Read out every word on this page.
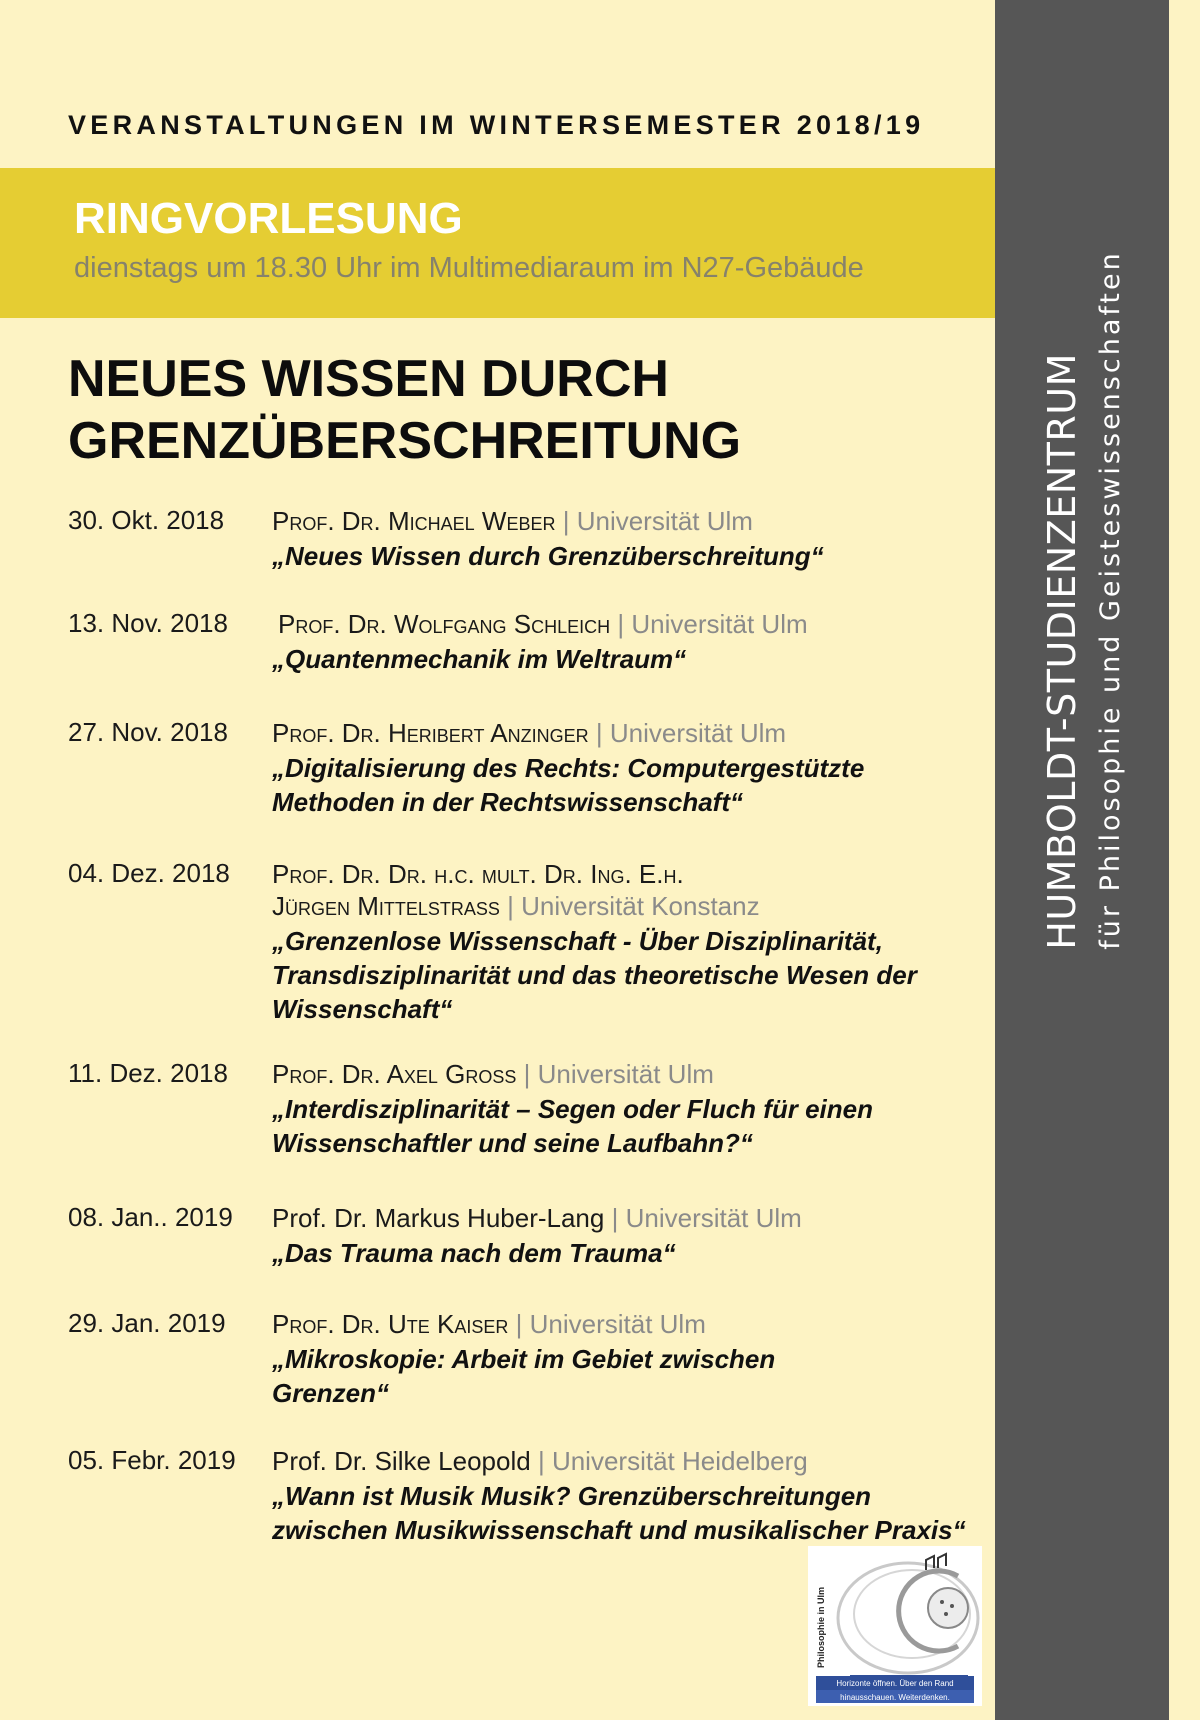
HUMBOLDT-STUDIENZENTRUM für Philosophie und Geisteswissenschaften
VERANSTALTUNGEN IM WINTERSEMESTER 2018/19
RINGVORLESUNG
dienstags um 18.30 Uhr im Multimediaraum im N27-Gebäude
NEUES WISSEN DURCH
GRENZÜBERSCHREITUNG
30. Okt. 2018 Prof. Dr. Michael Weber | Universität Ulm
„Neues Wissen durch Grenzüberschreitung“
13. Nov. 2018 Prof. Dr. Wolfgang Schleich | Universität Ulm
„Quantenmechanik im Weltraum“
27. Nov. 2018 Prof. Dr. Heribert Anzinger | Universität Ulm
„Digitalisierung des Rechts: Computergestützte Methoden in der Rechtswissenschaft“
04. Dez. 2018 Prof. Dr. Dr. h.c. mult. Dr. Ing. E.h.
Jürgen Mittelstraß | Universität Konstanz
„Grenzenlose Wissenschaft - Über Disziplinarität, Transdisziplinarität und das theoretische Wesen der Wissenschaft“
11. Dez. 2018 Prof. Dr. Axel Groß | Universität Ulm
„Interdisziplinarität – Segen oder Fluch für einen Wissenschaftler und seine Laufbahn?“
08. Jan.. 2019 Prof. Dr. Markus Huber-Lang | Universität Ulm
„Das Trauma nach dem Trauma“
29. Jan. 2019 Prof. Dr. Ute Kaiser | Universität Ulm
„Mikroskopie: Arbeit im Gebiet zwischen Grenzen“
05. Febr. 2019 Prof. Dr. Silke Leopold | Universität Heidelberg
„Wann ist Musik Musik? Grenzüberschreitungen zwischen Musikwissenschaft und musikalischer Praxis“
Horizonte öffnen. Über den Rand
hinausschauen. Weiterdenken.
Philosophie in Ulm
